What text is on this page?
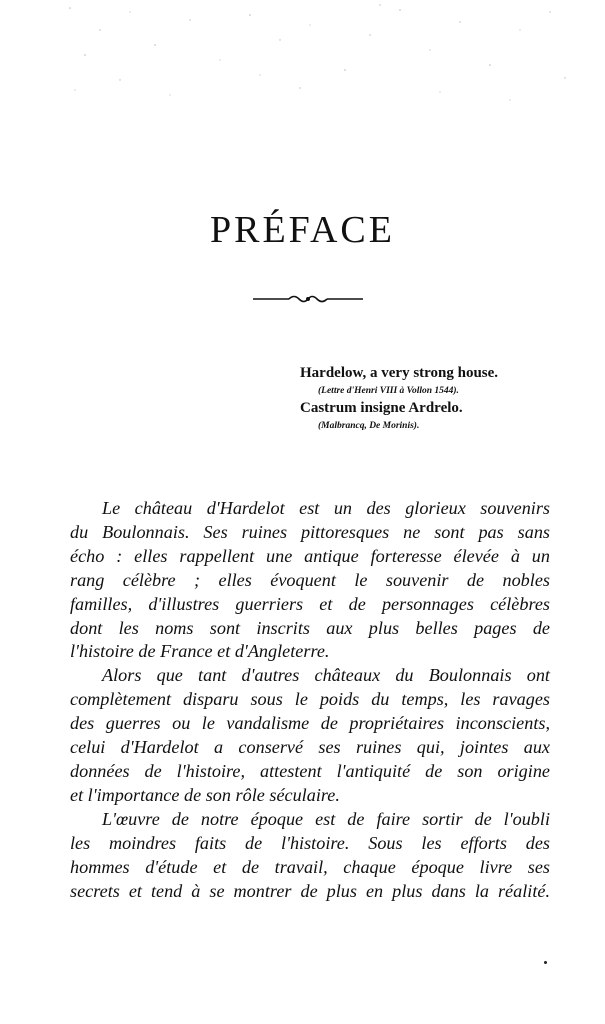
PRÉFACE

Hardelow, a very strong house.

(Lettre d'Henri VIII à Vollon 1544).

Castrum insigne Ardrelo.

(Malbrancq, De Morinis).

Le château d'Hardelot est un des glorieux souvenirs
du Boulonnais. Ses ruines pittoresques ne sont pas sans
écho : elles rappellent une antique forteresse élevée à un
rang célèbre ; elles évoquent le souvenir de nobles
familles, d'illustres guerriers et de personnages célèbres
dont les noms sont inscrits aux plus belles pages de
l'histoire de France et d'Angleterre.

Alors que tant d'autres châteaux du Boulonnais ont
complètement disparu sous le poids du temps, les ravages
des guerres ou le vandalisme de propriétaires inconscients,
celui d'Hardelot a conservé ses ruines qui, jointes aux
données de l'histoire, attestent l'antiquité de son origine
et l'importance de son rôle séculaire.

L'œuvre de notre époque est de faire sortir de l'oubli
les moindres faits de l'histoire. Sous les efforts des
hommes d'étude et de travail, chaque époque livre ses
secrets et tend à se montrer de plus en plus dans la réalité.
